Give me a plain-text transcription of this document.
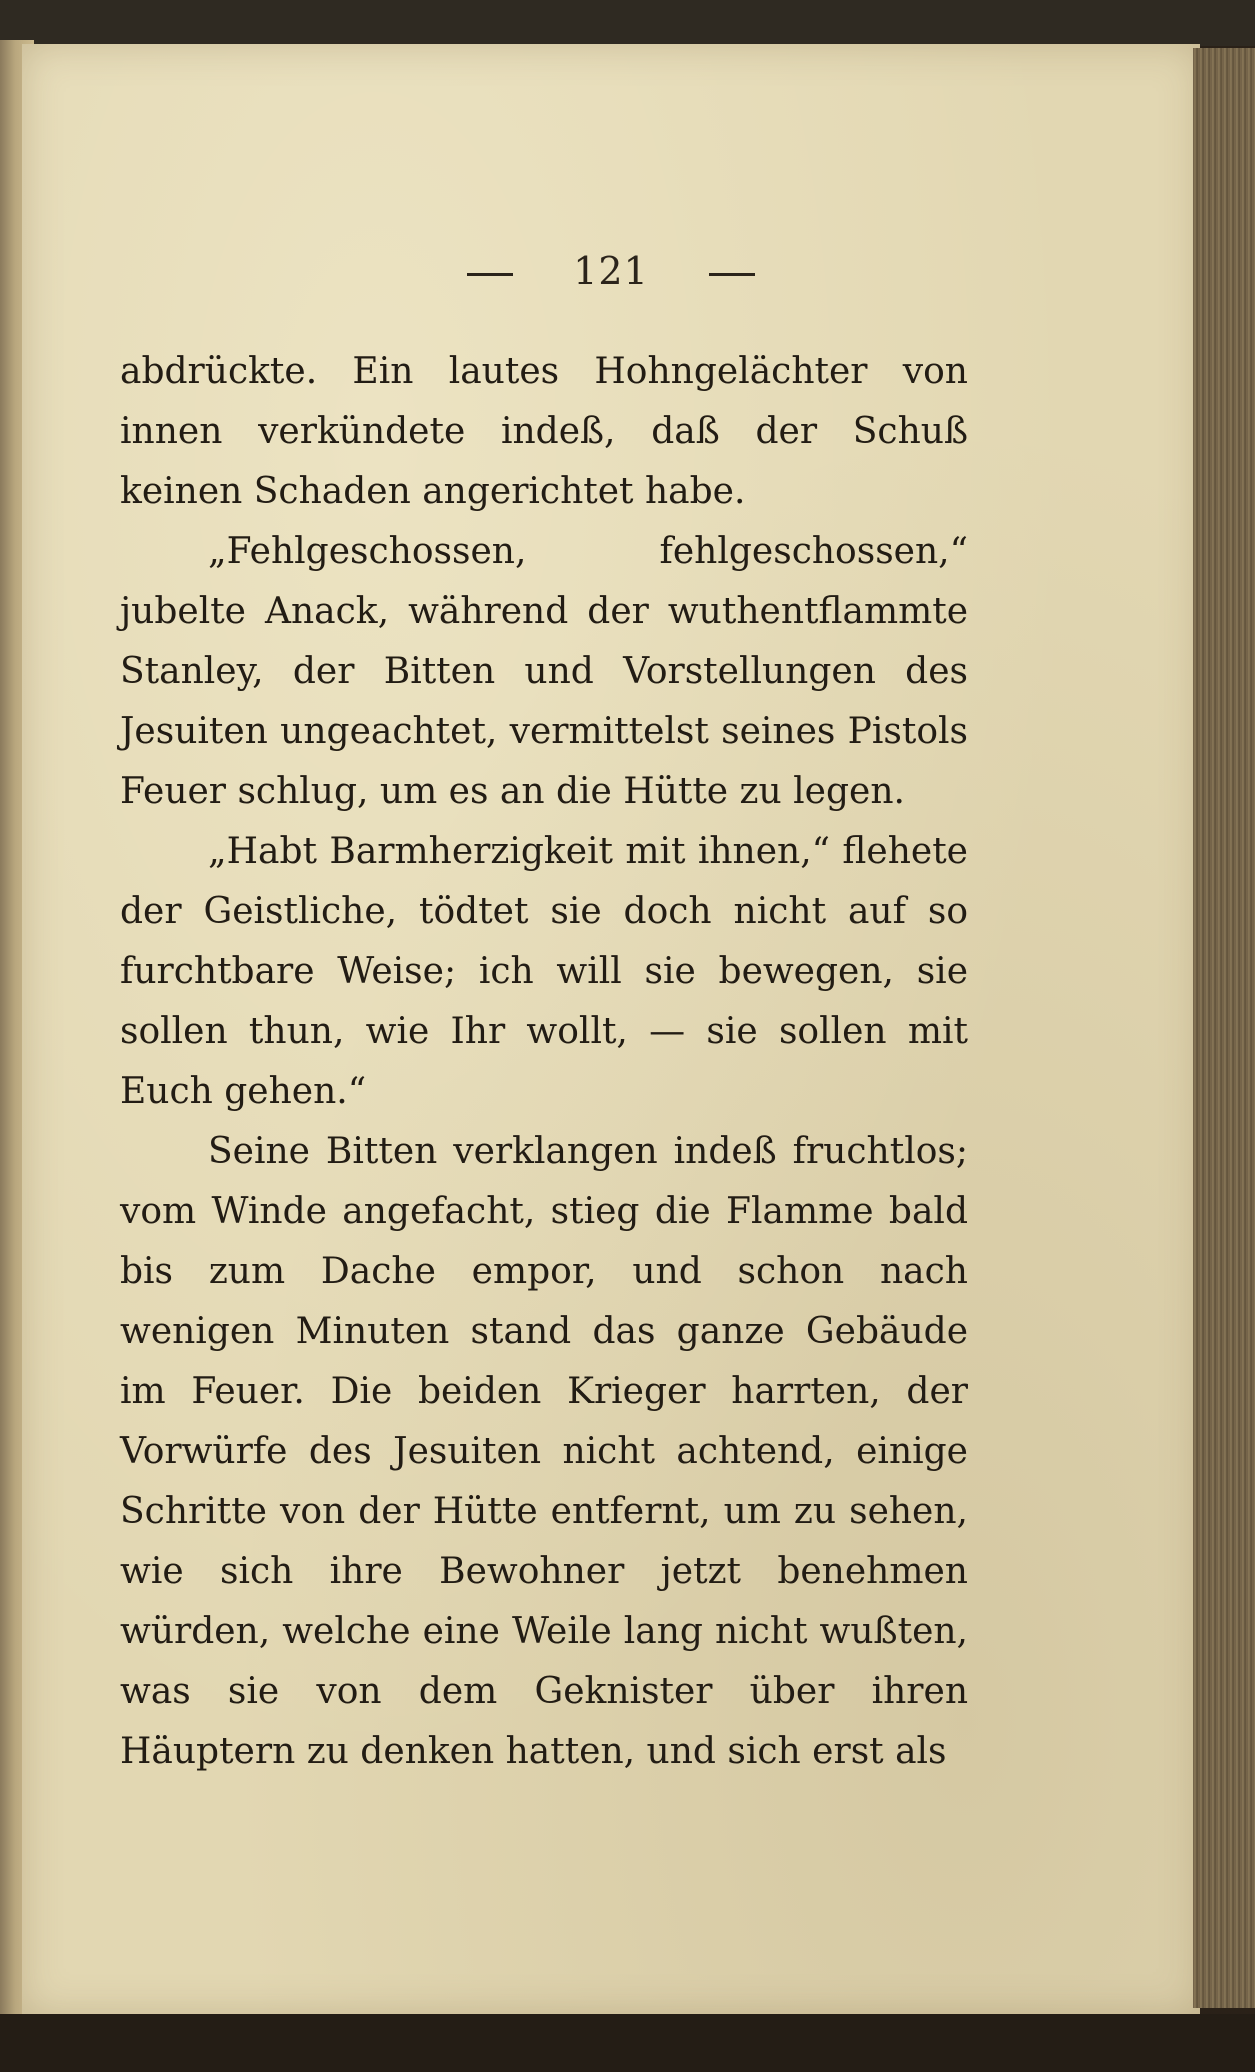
121

abdrückte. Ein lautes Hohngelächter von innen verkündete indeß, daß der Schuß keinen Schaden angerichtet habe.

„Fehlgeschossen, fehlgeschossen,“ jubelte Anack, während der wuthentflammte Stanley, der Bitten und Vorstellungen des Jesuiten ungeachtet, vermittelst seines Pistols Feuer schlug, um es an die Hütte zu legen.

„Habt Barmherzigkeit mit ihnen,“ flehete der Geistliche, tödtet sie doch nicht auf so furchtbare Weise; ich will sie bewegen, sie sollen thun, wie Ihr wollt, — sie sollen mit Euch gehen.“

Seine Bitten verklangen indeß fruchtlos; vom Winde angefacht, stieg die Flamme bald bis zum Dache empor, und schon nach wenigen Minuten stand das ganze Gebäude im Feuer. Die beiden Krieger harrten, der Vorwürfe des Jesuiten nicht achtend, einige Schritte von der Hütte entfernt, um zu sehen, wie sich ihre Bewohner jetzt benehmen würden, welche eine Weile lang nicht wußten, was sie von dem Geknister über ihren Häuptern zu denken hatten, und sich erst als
